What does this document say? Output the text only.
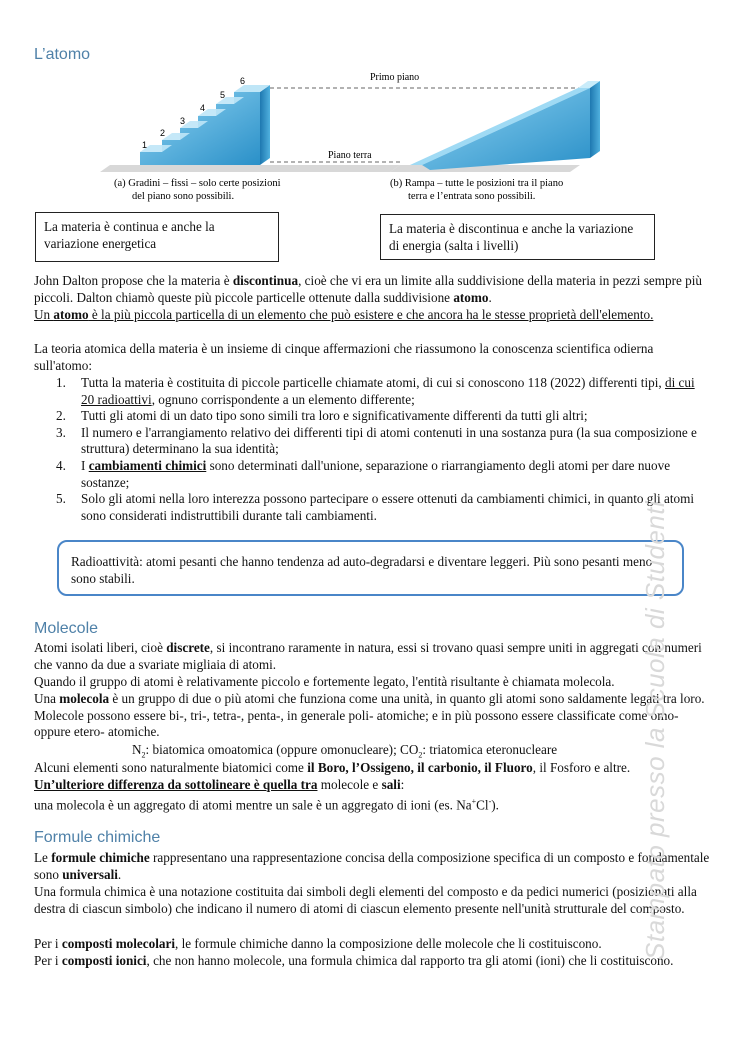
L’atomo
1
2
3
4
5
6	Primo piano
Piano terra
(a) Gradini – fissi – solo certe posizioni
del piano sono possibili.
(b) Rampa – tutte le posizioni tra il piano
terra e l’entrata sono possibili.
La materia è continua e anche la variazione energetica
La materia è discontinua e anche la variazione di energia (salta i livelli)
John Dalton propose che la materia è discontinua, cioè che vi era un limite alla suddivisione della materia in pezzi sempre più piccoli. Dalton chiamò queste più piccole particelle ottenute dalla suddivisione atomo.
Un atomo è la più piccola particella di un elemento che può esistere e che ancora ha le stesse proprietà dell'elemento.
La teoria atomica della materia è un insieme di cinque affermazioni che riassumono la conoscenza scientifica odierna sull'atomo:
1. Tutta la materia è costituita di piccole particelle chiamate atomi, di cui si conoscono 118 (2022) differenti tipi, di cui 20 radioattivi, ognuno corrispondente a un elemento differente;
2. Tutti gli atomi di un dato tipo sono simili tra loro e significativamente differenti da tutti gli altri;
3. Il numero e l'arrangiamento relativo dei differenti tipi di atomi contenuti in una sostanza pura (la sua composizione e struttura) determinano la sua identità;
4. I cambiamenti chimici sono determinati dall'unione, separazione o riarrangiamento degli atomi per dare nuove sostanze;
5. Solo gli atomi nella loro interezza possono partecipare o essere ottenuti da cambiamenti chimici, in quanto gli atomi sono considerati indistruttibili durante tali cambiamenti.
Radioattività: atomi pesanti che hanno tendenza ad auto-degradarsi e diventare leggeri. Più sono pesanti meno sono stabili.
Molecole
Atomi isolati liberi, cioè discrete, si incontrano raramente in natura, essi si trovano quasi sempre uniti in aggregati con numeri che vanno da due a svariate migliaia di atomi.
Quando il gruppo di atomi è relativamente piccolo e fortemente legato, l'entità risultante è chiamata molecola.
Una molecola è un gruppo di due o più atomi che funziona come una unità, in quanto gli atomi sono saldamente legati tra loro. Molecole possono essere bi-, tri-, tetra-, penta-, in generale poli- atomiche; e in più possono essere classificate come omo- oppure etero- atomiche.
$N_2$: biatomica omoatomica (oppure omonucleare); $CO_2$: triatomica eteronucleare
Alcuni elementi sono naturalmente biatomici come il Boro, l’Ossigeno, il carbonio, il Fluoro, il Fosforo e altre.
Un’ulteriore differenza da sottolineare è quella tra molecole e sali:
una molecola è un aggregato di atomi mentre un sale è un aggregato di ioni (es. Na+Cl-).
Formule chimiche
Le formule chimiche rappresentano una rappresentazione concisa della composizione specifica di un composto e fondamentale sono universali.
Una formula chimica è una notazione costituita dai simboli degli elementi del composto e da pedici numerici (posizionati alla destra di ciascun simbolo) che indicano il numero di atomi di ciascun elemento presente nell'unità strutturale del composto.
Per i composti molecolari, le formule chimiche danno la composizione delle molecole che li costituiscono.
Per i composti ionici, che non hanno molecole, una formula chimica dal rapporto tra gli atomi (ioni) che li costituiscono.
Stampato presso la Scuola di Studenti
